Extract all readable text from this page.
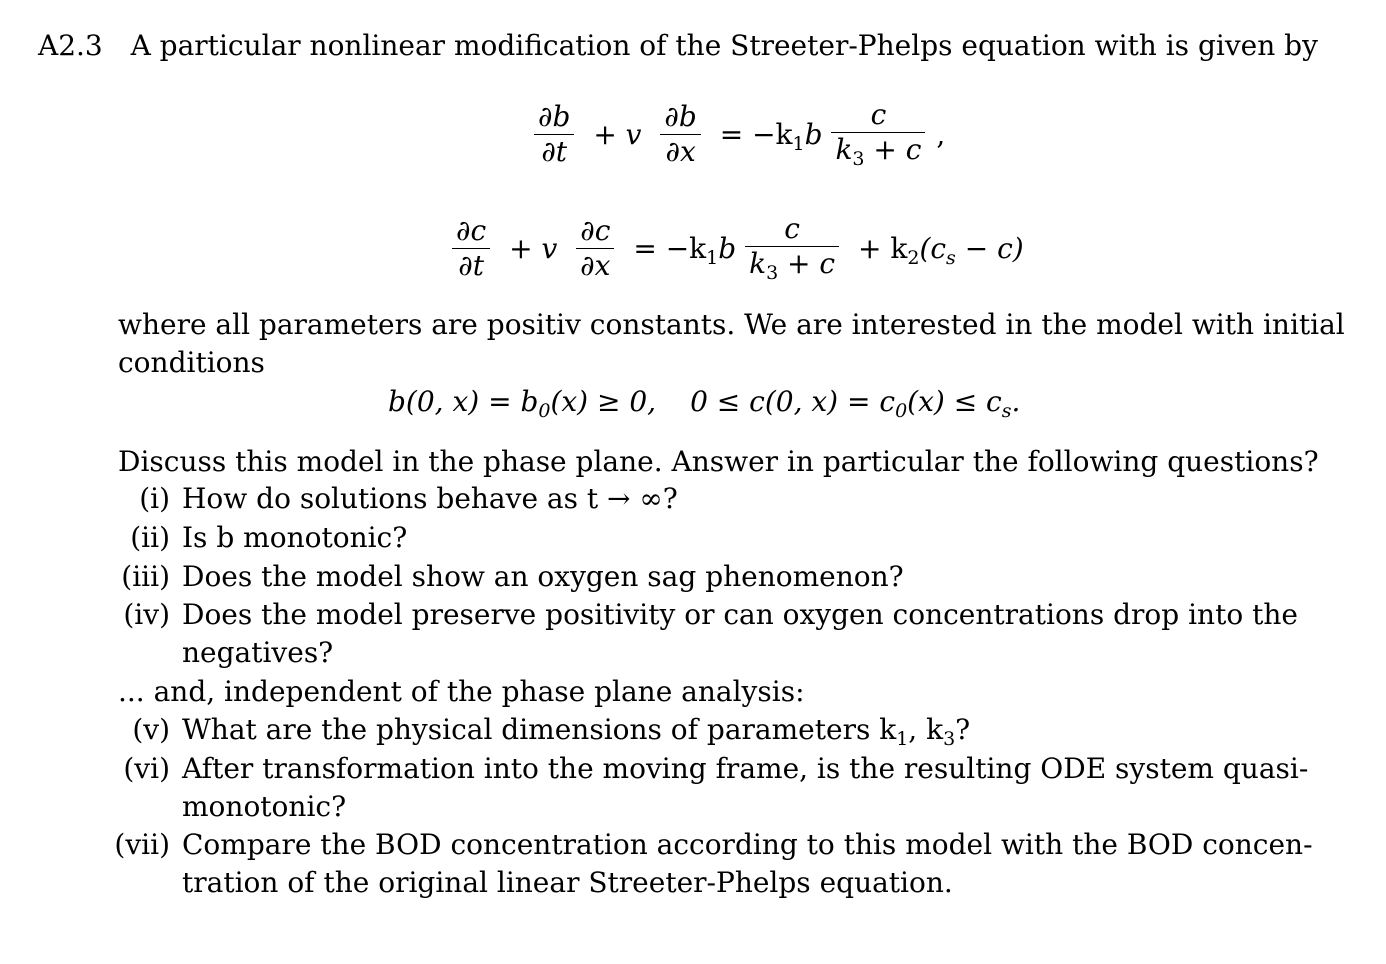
A2.3 A particular nonlinear modification of the Streeter-Phelps equation with is given by
$\frac{\partial b}{\partial t} + v \frac{\partial b}{\partial x} = -k_1b \frac{c}{k_3 + c}$ ,
$\frac{\partial c}{\partial t} + v \frac{\partial c}{\partial x} = -k_1b \frac{c}{k_3 + c} + k_2(c_s - c)$
where all parameters are positiv constants. We are interested in the model with initial
conditions
b(0, $x) = b_0(x) \ge 0$, 0 ≤ c(0, $x) = c_0(x) \le c_s$.
Discuss this model in the phase plane. Answer in particular the following questions?
(i) How do solutions behave as t → ∞?
(ii) Is b monotonic?
(iii) Does the model show an oxygen sag phenomenon?
(iv) Does the model preserve positivity or can oxygen concentrations drop into the
negatives?
... and, independent of the phase plane analysis:
(v) What are the physical dimensions of parameters $k_1$, $k_3$?
(vi) After transformation into the moving frame, is the resulting ODE system quasi-
monotonic?
(vii) Compare the BOD concentration according to this model with the BOD concen-
tration of the original linear Streeter-Phelps equation.
